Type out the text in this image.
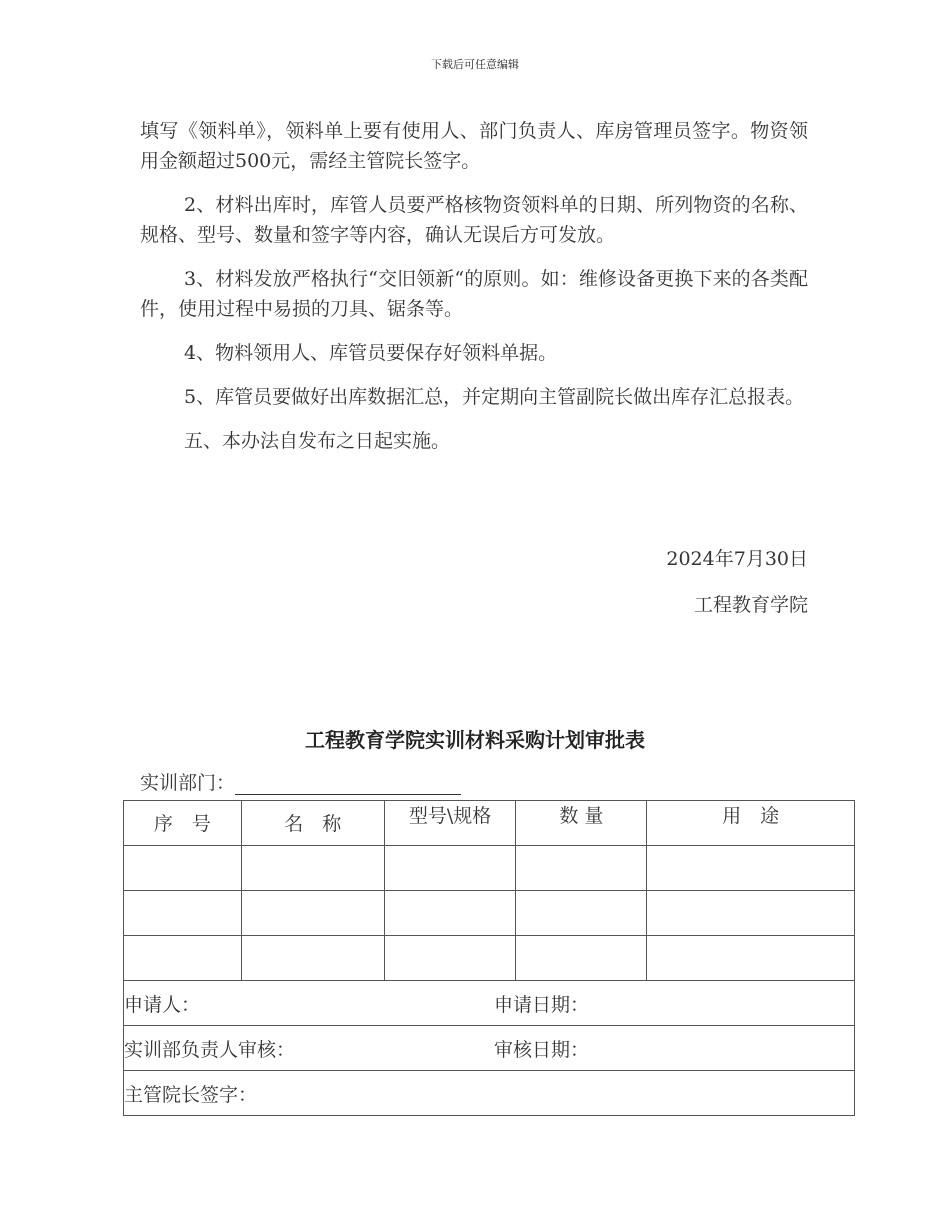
下载后可任意编辑

填写《领料单》，领料单上要有使用人、部门负责人、库房管理员签字。物资领用金额超过500元，需经主管院长签字。

2、材料出库时，库管人员要严格核物资领料单的日期、所列物资的名称、规格、型号、数量和签字等内容，确认无误后方可发放。

3、材料发放严格执行“交旧领新“的原则。如：维修设备更换下来的各类配件，使用过程中易损的刀具、锯条等。

4、物料领用人、库管员要保存好领料单据。

5、库管员要做好出库数据汇总，并定期向主管副院长做出库存汇总报表。

五、本办法自发布之日起实施。

2024年7月30日
工程教育学院
工程教育学院实训材料采购计划审批表
实训部门：
序　号	名　称	型号\规格	数 量	用　途

申请人： 申请日期：				

实训部负责人审核： 审核日期：				

主管院长签字：				
